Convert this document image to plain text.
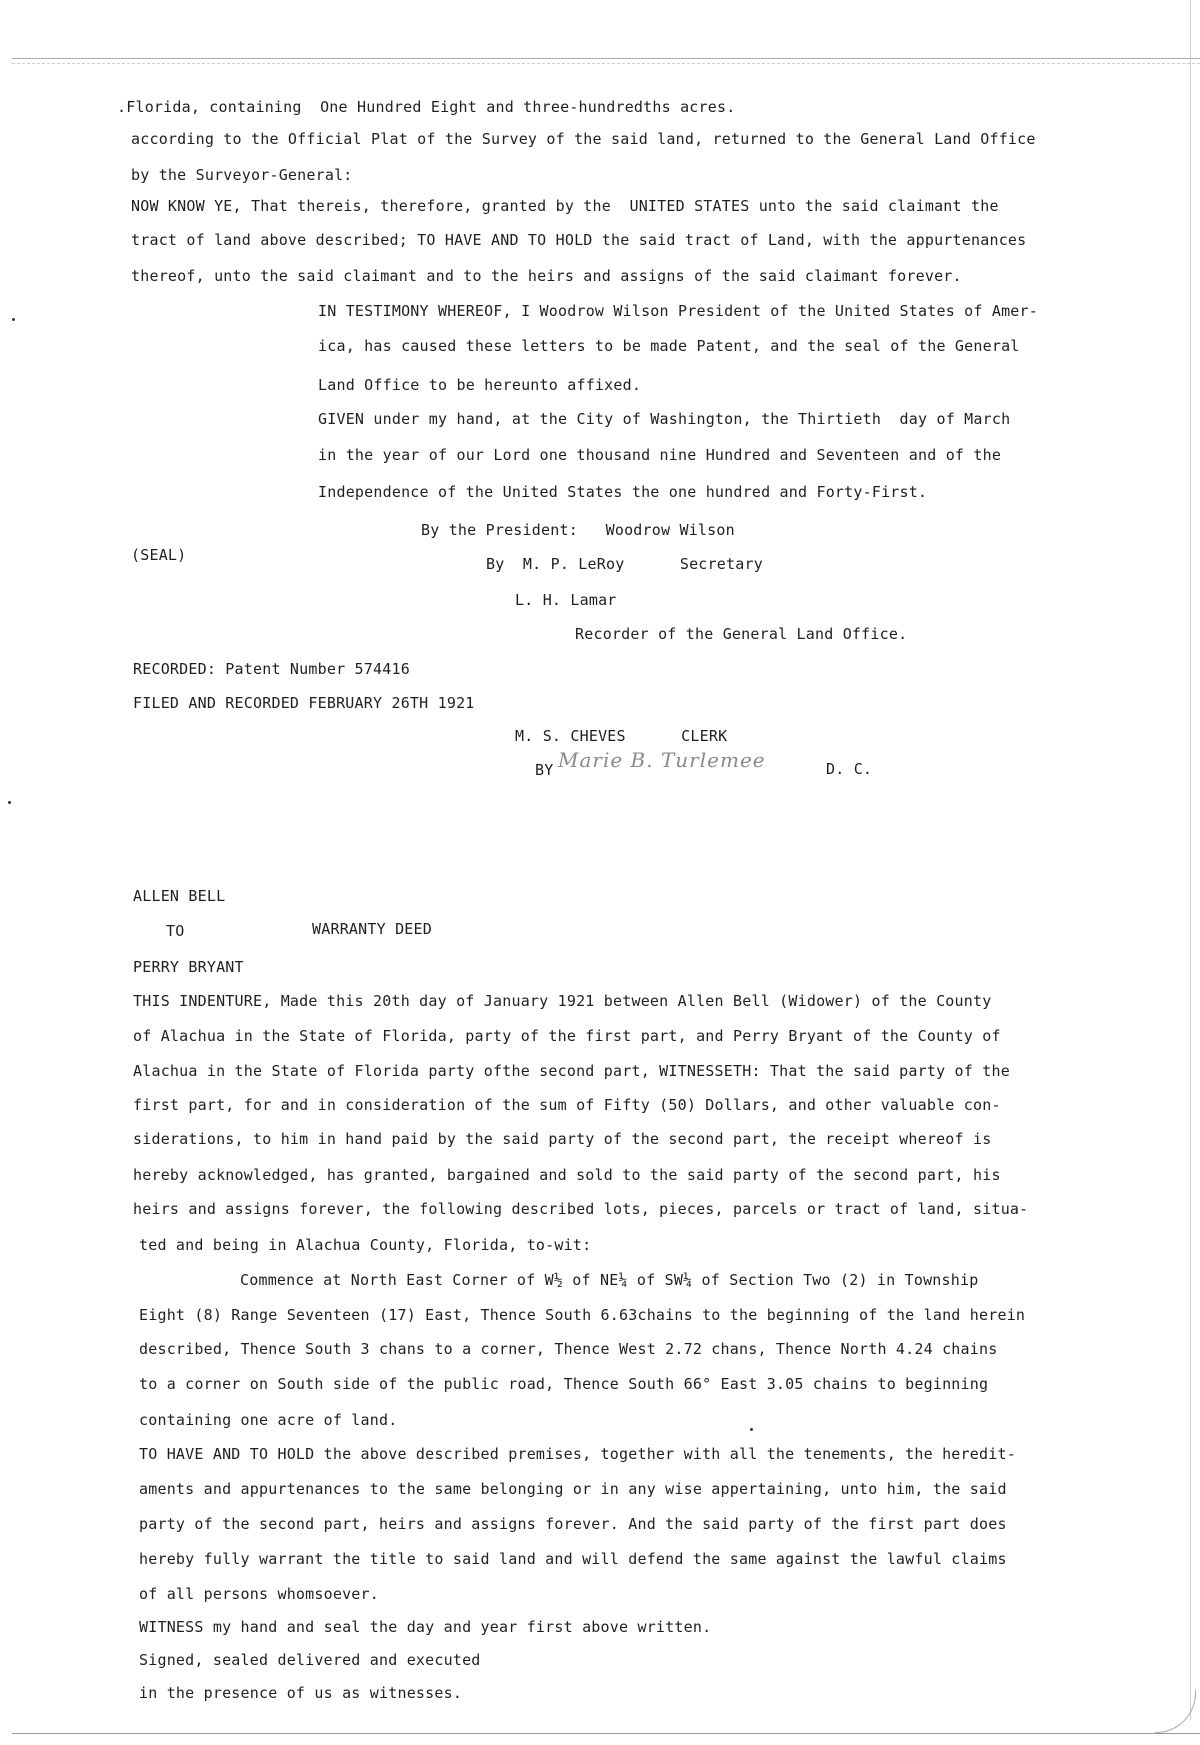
.Florida, containing  One Hundred Eight and three-hundredths acres.
according to the Official Plat of the Survey of the said land, returned to the General Land Office
by the Surveyor-General:
NOW KNOW YE, That thereis, therefore, granted by the  UNITED STATES unto the said claimant the
tract of land above described; TO HAVE AND TO HOLD the said tract of Land, with the appurtenances
thereof, unto the said claimant and to the heirs and assigns of the said claimant forever.
IN TESTIMONY WHEREOF, I Woodrow Wilson President of the United States of Amer-
ica, has caused these letters to be made Patent, and the seal of the General
Land Office to be hereunto affixed.
GIVEN under my hand, at the City of Washington, the Thirtieth  day of March
in the year of our Lord one thousand nine Hundred and Seventeen and of the
Independence of the United States the one hundred and Forty-First.
By the President:   Woodrow Wilson
(SEAL)	By  M. P. LeRoy      Secretary
L. H. Lamar
Recorder of the General Land Office.
RECORDED: Patent Number 574416
FILED AND RECORDED FEBRUARY 26TH 1921
M. S. CHEVES      CLERK
BY Marie B. Turlemee	D. C.
ALLEN BELL
TO	WARRANTY DEED
PERRY BRYANT
THIS INDENTURE, Made this 20th day of January 1921 between Allen Bell (Widower) of the County
of Alachua in the State of Florida, party of the first part, and Perry Bryant of the County of
Alachua in the State of Florida party ofthe second part, WITNESSETH: That the said party of the
first part, for and in consideration of the sum of Fifty (50) Dollars, and other valuable con-
siderations, to him in hand paid by the said party of the second part, the receipt whereof is
hereby acknowledged, has granted, bargained and sold to the said party of the second part, his
heirs and assigns forever, the following described lots, pieces, parcels or tract of land, situa-
ted and being in Alachua County, Florida, to-wit:
Commence at North East Corner of W½ of NE¼ of SW¼ of Section Two (2) in Township
Eight (8) Range Seventeen (17) East, Thence South 6.63chains to the beginning of the land herein
described, Thence South 3 chans to a corner, Thence West 2.72 chans, Thence North 4.24 chains
to a corner on South side of the public road, Thence South 66° East 3.05 chains to beginning
containing one acre of land.
TO HAVE AND TO HOLD the above described premises, together with all the tenements, the heredit-
aments and appurtenances to the same belonging or in any wise appertaining, unto him, the said
party of the second part, heirs and assigns forever. And the said party of the first part does
hereby fully warrant the title to said land and will defend the same against the lawful claims
of all persons whomsoever.
WITNESS my hand and seal the day and year first above written.
Signed, sealed delivered and executed
in the presence of us as witnesses.
